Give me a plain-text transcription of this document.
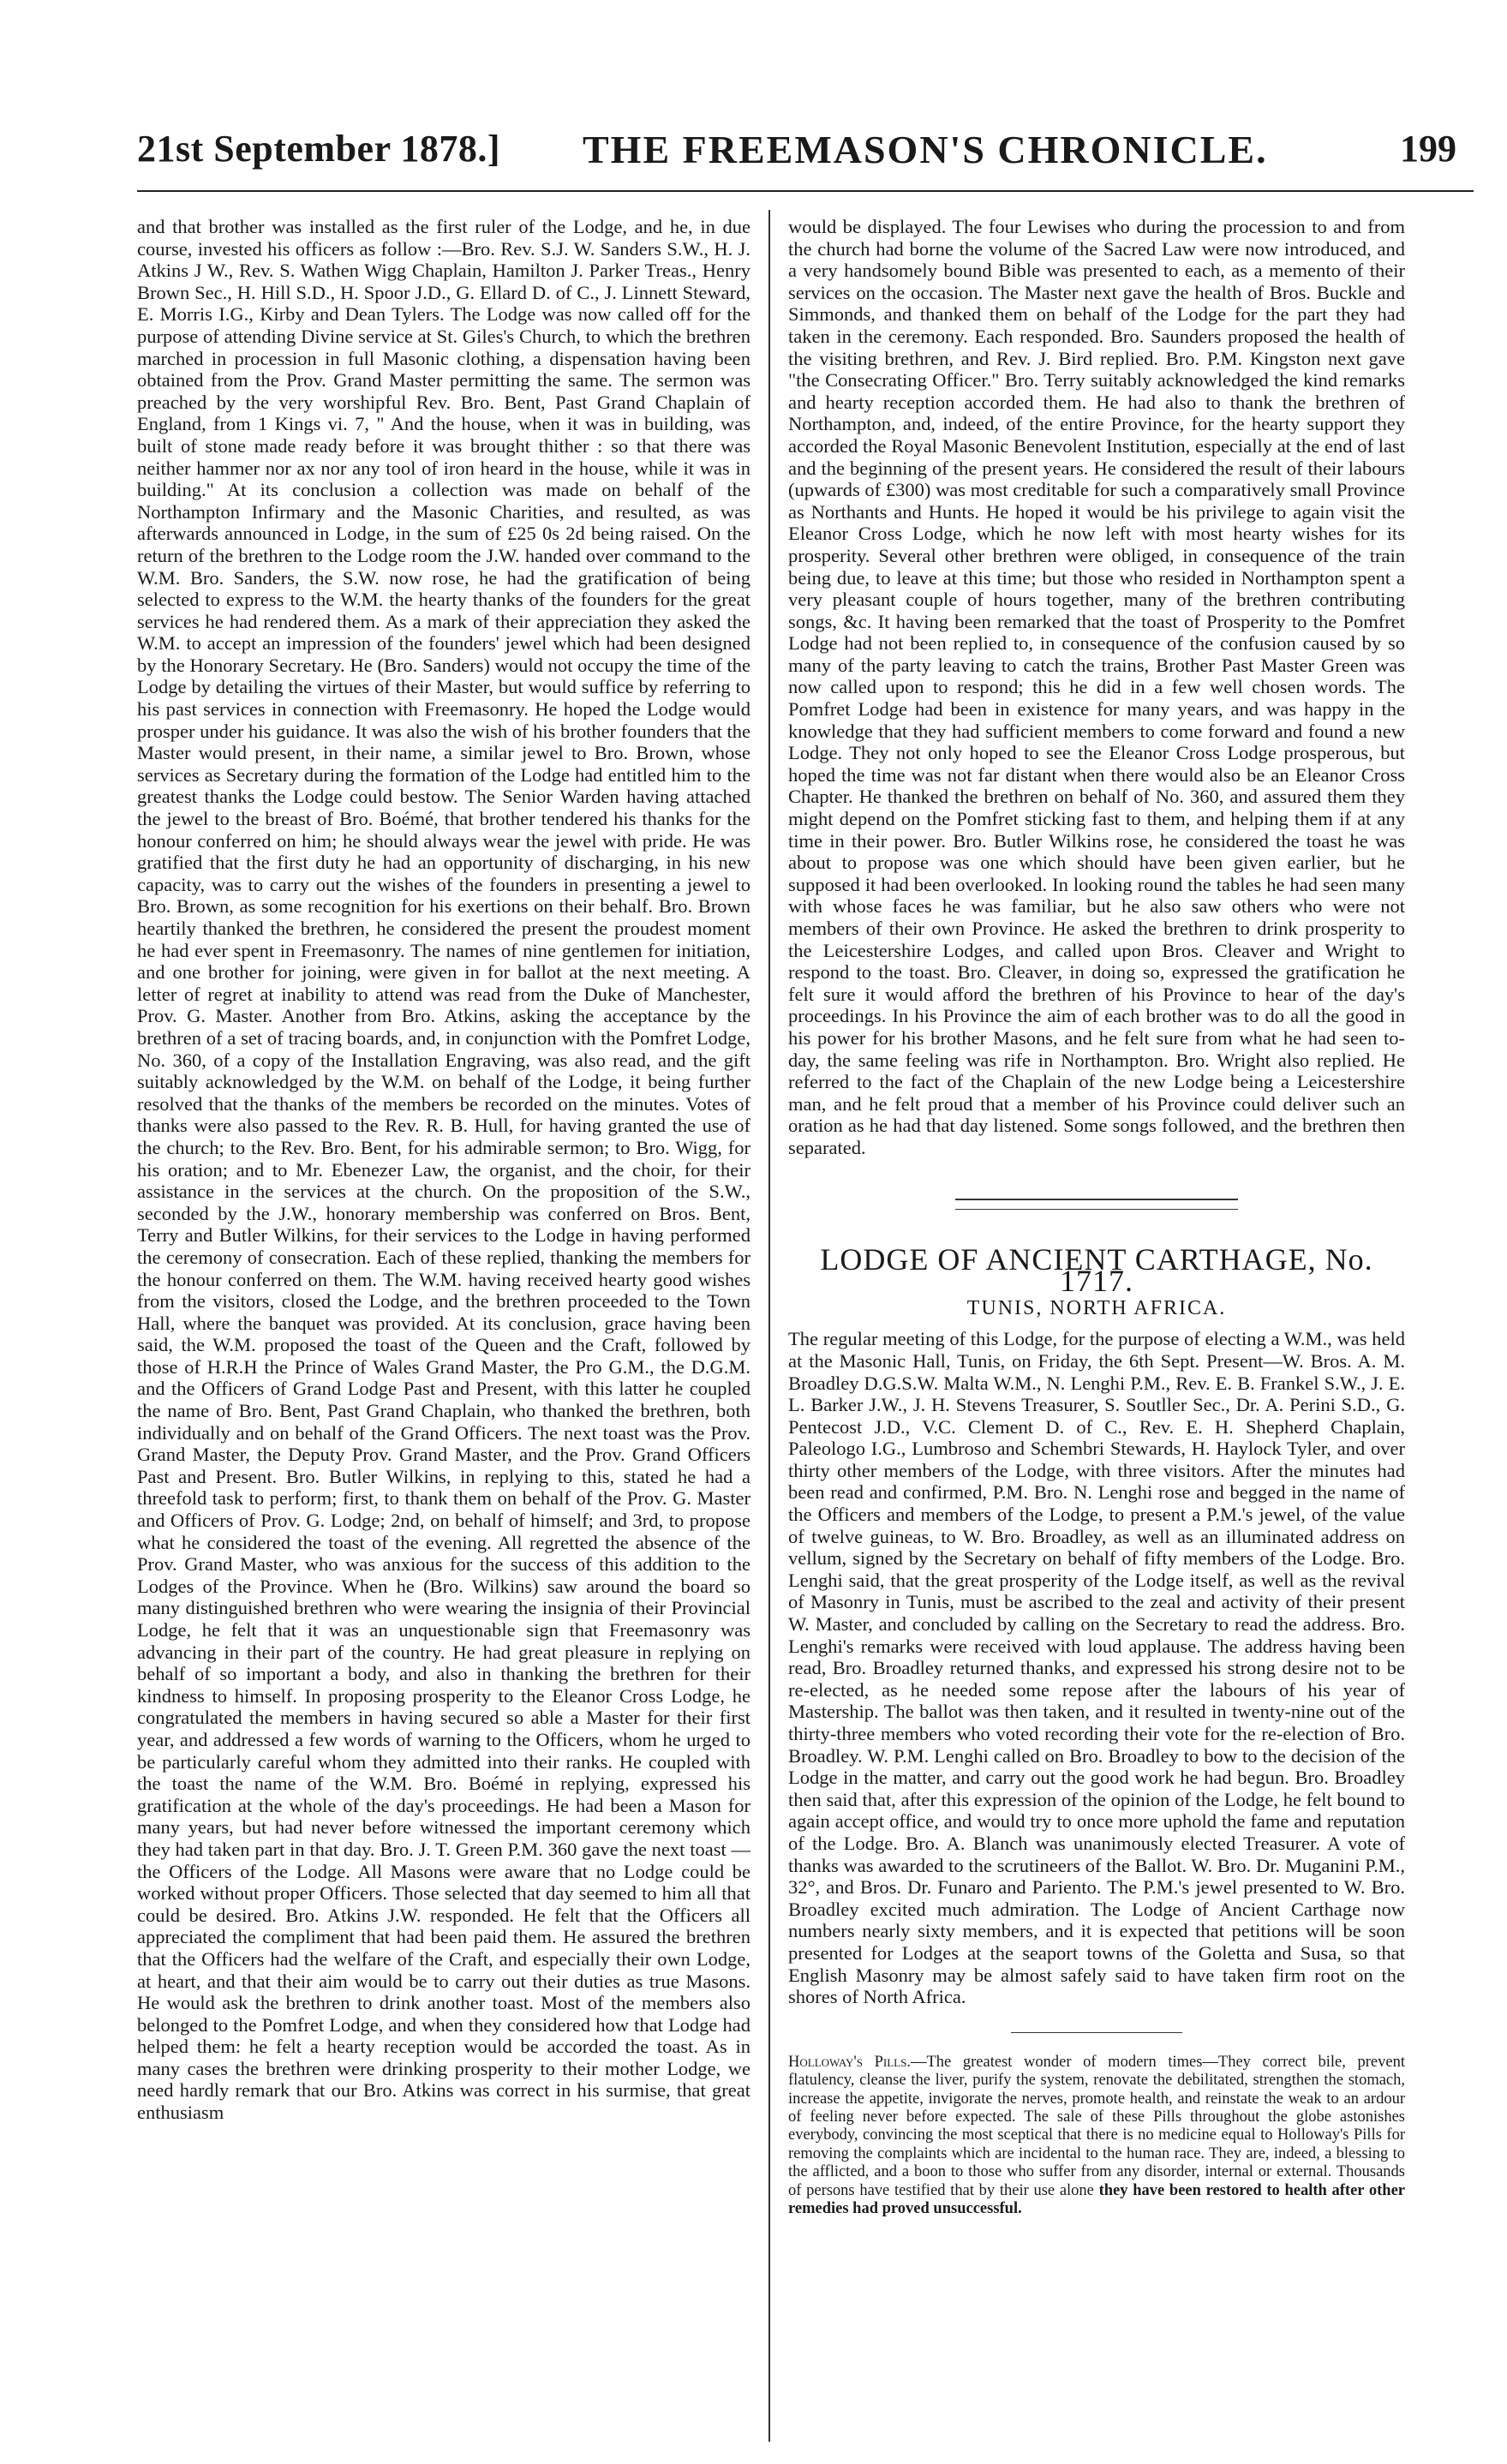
21st September 1878.] THE FREEMASON'S CHRONICLE.	199

and that brother was installed as the first ruler of the Lodge, and he, in due course, invested his officers as follow :—Bro. Rev. S.J. W. Sanders S.W., H. J. Atkins J W., Rev. S. Wathen Wigg Chaplain, Hamilton J. Parker Treas., Henry Brown Sec., H. Hill S.D., H. Spoor J.D., G. Ellard D. of C., J. Linnett Steward, E. Morris I.G., Kirby and Dean Tylers. The Lodge was now called off for the purpose of attending Divine service at St. Giles's Church, to which the brethren marched in procession in full Masonic clothing, a dispensation having been obtained from the Prov. Grand Master permitting the same. The sermon was preached by the very worshipful Rev. Bro. Bent, Past Grand Chaplain of England, from 1 Kings vi. 7, " And the house, when it was in building, was built of stone made ready before it was brought thither : so that there was neither hammer nor ax nor any tool of iron heard in the house, while it was in building." At its conclusion a collection was made on behalf of the Northampton Infirmary and the Masonic Charities, and resulted, as was afterwards announced in Lodge, in the sum of £25 0s 2d being raised. On the return of the brethren to the Lodge room the J.W. handed over command to the W.M. Bro. Sanders, the S.W. now rose, he had the gratification of being selected to express to the W.M. the hearty thanks of the founders for the great services he had rendered them. As a mark of their appreciation they asked the W.M. to accept an impression of the founders' jewel which had been designed by the Honorary Secretary. He (Bro. Sanders) would not occupy the time of the Lodge by detailing the virtues of their Master, but would suffice by referring to his past services in connection with Freemasonry. He hoped the Lodge would prosper under his guidance. It was also the wish of his brother founders that the Master would present, in their name, a similar jewel to Bro. Brown, whose services as Secretary during the formation of the Lodge had entitled him to the greatest thanks the Lodge could bestow. The Senior Warden having attached the jewel to the breast of Bro. Boémé, that brother tendered his thanks for the honour conferred on him; he should always wear the jewel with pride. He was gratified that the first duty he had an opportunity of discharging, in his new capacity, was to carry out the wishes of the founders in presenting a jewel to Bro. Brown, as some recognition for his exertions on their behalf. Bro. Brown heartily thanked the brethren, he considered the present the proudest moment he had ever spent in Freemasonry. The names of nine gentlemen for initiation, and one brother for joining, were given in for ballot at the next meeting. A letter of regret at inability to attend was read from the Duke of Manchester, Prov. G. Master. Another from Bro. Atkins, asking the acceptance by the brethren of a set of tracing boards, and, in conjunction with the Pomfret Lodge, No. 360, of a copy of the Installation Engraving, was also read, and the gift suitably acknowledged by the W.M. on behalf of the Lodge, it being further resolved that the thanks of the members be recorded on the minutes. Votes of thanks were also passed to the Rev. R. B. Hull, for having granted the use of the church; to the Rev. Bro. Bent, for his admirable sermon; to Bro. Wigg, for his oration; and to Mr. Ebenezer Law, the organist, and the choir, for their assistance in the services at the church. On the proposition of the S.W., seconded by the J.W., honorary membership was conferred on Bros. Bent, Terry and Butler Wilkins, for their services to the Lodge in having performed the ceremony of consecration. Each of these replied, thanking the members for the honour conferred on them. The W.M. having received hearty good wishes from the visitors, closed the Lodge, and the brethren proceeded to the Town Hall, where the banquet was provided. At its conclusion, grace having been said, the W.M. proposed the toast of the Queen and the Craft, followed by those of H.R.H the Prince of Wales Grand Master, the Pro G.M., the D.G.M. and the Officers of Grand Lodge Past and Present, with this latter he coupled the name of Bro. Bent, Past Grand Chaplain, who thanked the brethren, both individually and on behalf of the Grand Officers. The next toast was the Prov. Grand Master, the Deputy Prov. Grand Master, and the Prov. Grand Officers Past and Present. Bro. Butler Wilkins, in replying to this, stated he had a threefold task to perform; first, to thank them on behalf of the Prov. G. Master and Officers of Prov. G. Lodge; 2nd, on behalf of himself; and 3rd, to propose what he considered the toast of the evening. All regretted the absence of the Prov. Grand Master, who was anxious for the success of this addition to the Lodges of the Province. When he (Bro. Wilkins) saw around the board so many distinguished brethren who were wearing the insignia of their Provincial Lodge, he felt that it was an unquestionable sign that Freemasonry was advancing in their part of the country. He had great pleasure in replying on behalf of so important a body, and also in thanking the brethren for their kindness to himself. In proposing prosperity to the Eleanor Cross Lodge, he congratulated the members in having secured so able a Master for their first year, and addressed a few words of warning to the Officers, whom he urged to be particularly careful whom they admitted into their ranks. He coupled with the toast the name of the W.M. Bro. Boémé in replying, expressed his gratification at the whole of the day's proceedings. He had been a Mason for many years, but had never before witnessed the important ceremony which they had taken part in that day. Bro. J. T. Green P.M. 360 gave the next toast —the Officers of the Lodge. All Masons were aware that no Lodge could be worked without proper Officers. Those selected that day seemed to him all that could be desired. Bro. Atkins J.W. responded. He felt that the Officers all appreciated the compliment that had been paid them. He assured the brethren that the Officers had the welfare of the Craft, and especially their own Lodge, at heart, and that their aim would be to carry out their duties as true Masons. He would ask the brethren to drink another toast. Most of the members also belonged to the Pomfret Lodge, and when they considered how that Lodge had helped them: he felt a hearty reception would be accorded the toast. As in many cases the brethren were drinking prosperity to their mother Lodge, we need hardly remark that our Bro. Atkins was correct in his surmise, that great enthusiasm

would be displayed. The four Lewises who during the procession to and from the church had borne the volume of the Sacred Law were now introduced, and a very handsomely bound Bible was presented to each, as a memento of their services on the occasion. The Master next gave the health of Bros. Buckle and Simmonds, and thanked them on behalf of the Lodge for the part they had taken in the ceremony. Each responded. Bro. Saunders proposed the health of the visiting brethren, and Rev. J. Bird replied. Bro. P.M. Kingston next gave "the Consecrating Officer." Bro. Terry suitably acknowledged the kind remarks and hearty reception accorded them. He had also to thank the brethren of Northampton, and, indeed, of the entire Province, for the hearty support they accorded the Royal Masonic Benevolent Institution, especially at the end of last and the beginning of the present years. He considered the result of their labours (upwards of £300) was most creditable for such a comparatively small Province as Northants and Hunts. He hoped it would be his privilege to again visit the Eleanor Cross Lodge, which he now left with most hearty wishes for its prosperity. Several other brethren were obliged, in consequence of the train being due, to leave at this time; but those who resided in Northampton spent a very pleasant couple of hours together, many of the brethren contributing songs, &c. It having been remarked that the toast of Prosperity to the Pomfret Lodge had not been replied to, in consequence of the confusion caused by so many of the party leaving to catch the trains, Brother Past Master Green was now called upon to respond; this he did in a few well chosen words. The Pomfret Lodge had been in existence for many years, and was happy in the knowledge that they had sufficient members to come forward and found a new Lodge. They not only hoped to see the Eleanor Cross Lodge prosperous, but hoped the time was not far distant when there would also be an Eleanor Cross Chapter. He thanked the brethren on behalf of No. 360, and assured them they might depend on the Pomfret sticking fast to them, and helping them if at any time in their power. Bro. Butler Wilkins rose, he considered the toast he was about to propose was one which should have been given earlier, but he supposed it had been overlooked. In looking round the tables he had seen many with whose faces he was familiar, but he also saw others who were not members of their own Province. He asked the brethren to drink prosperity to the Leicestershire Lodges, and called upon Bros. Cleaver and Wright to respond to the toast. Bro. Cleaver, in doing so, expressed the gratification he felt sure it would afford the brethren of his Province to hear of the day's proceedings. In his Province the aim of each brother was to do all the good in his power for his brother Masons, and he felt sure from what he had seen to-day, the same feeling was rife in Northampton. Bro. Wright also replied. He referred to the fact of the Chaplain of the new Lodge being a Leicestershire man, and he felt proud that a member of his Province could deliver such an oration as he had that day listened. Some songs followed, and the brethren then separated.

LODGE OF ANCIENT CARTHAGE, No. 1717.
TUNIS, NORTH AFRICA.

The regular meeting of this Lodge, for the purpose of electing a W.M., was held at the Masonic Hall, Tunis, on Friday, the 6th Sept. Present—W. Bros. A. M. Broadley D.G.S.W. Malta W.M., N. Lenghi P.M., Rev. E. B. Frankel S.W., J. E. L. Barker J.W., J. H. Stevens Treasurer, S. Soutller Sec., Dr. A. Perini S.D., G. Pentecost J.D., V.C. Clement D. of C., Rev. E. H. Shepherd Chaplain, Paleologo I.G., Lumbroso and Schembri Stewards, H. Haylock Tyler, and over thirty other members of the Lodge, with three visitors. After the minutes had been read and confirmed, P.M. Bro. N. Lenghi rose and begged in the name of the Officers and members of the Lodge, to present a P.M.'s jewel, of the value of twelve guineas, to W. Bro. Broadley, as well as an illuminated address on vellum, signed by the Secretary on behalf of fifty members of the Lodge. Bro. Lenghi said, that the great prosperity of the Lodge itself, as well as the revival of Masonry in Tunis, must be ascribed to the zeal and activity of their present W. Master, and concluded by calling on the Secretary to read the address. Bro. Lenghi's remarks were received with loud applause. The address having been read, Bro. Broadley returned thanks, and expressed his strong desire not to be re-elected, as he needed some repose after the labours of his year of Mastership. The ballot was then taken, and it resulted in twenty-nine out of the thirty-three members who voted recording their vote for the re-election of Bro. Broadley. W. P.M. Lenghi called on Bro. Broadley to bow to the decision of the Lodge in the matter, and carry out the good work he had begun. Bro. Broadley then said that, after this expression of the opinion of the Lodge, he felt bound to again accept office, and would try to once more uphold the fame and reputation of the Lodge. Bro. A. Blanch was unanimously elected Treasurer. A vote of thanks was awarded to the scrutineers of the Ballot. W. Bro. Dr. Muganini P.M., 32°, and Bros. Dr. Funaro and Pariento. The P.M.'s jewel presented to W. Bro. Broadley excited much admiration. The Lodge of Ancient Carthage now numbers nearly sixty members, and it is expected that petitions will be soon presented for Lodges at the seaport towns of the Goletta and Susa, so that English Masonry may be almost safely said to have taken firm root on the shores of North Africa.

Holloway's Pills.—The greatest wonder of modern times—They correct bile, prevent flatulency, cleanse the liver, purify the system, renovate the debilitated, strengthen the stomach, increase the appetite, invigorate the nerves, promote health, and reinstate the weak to an ardour of feeling never before expected. The sale of these Pills throughout the globe astonishes everybody, convincing the most sceptical that there is no medicine equal to Holloway's Pills for removing the complaints which are incidental to the human race. They are, indeed, a blessing to the afflicted, and a boon to those who suffer from any disorder, internal or external. Thousands of persons have testified that by their use alone they have been restored to health after other remedies had proved unsuccessful.
